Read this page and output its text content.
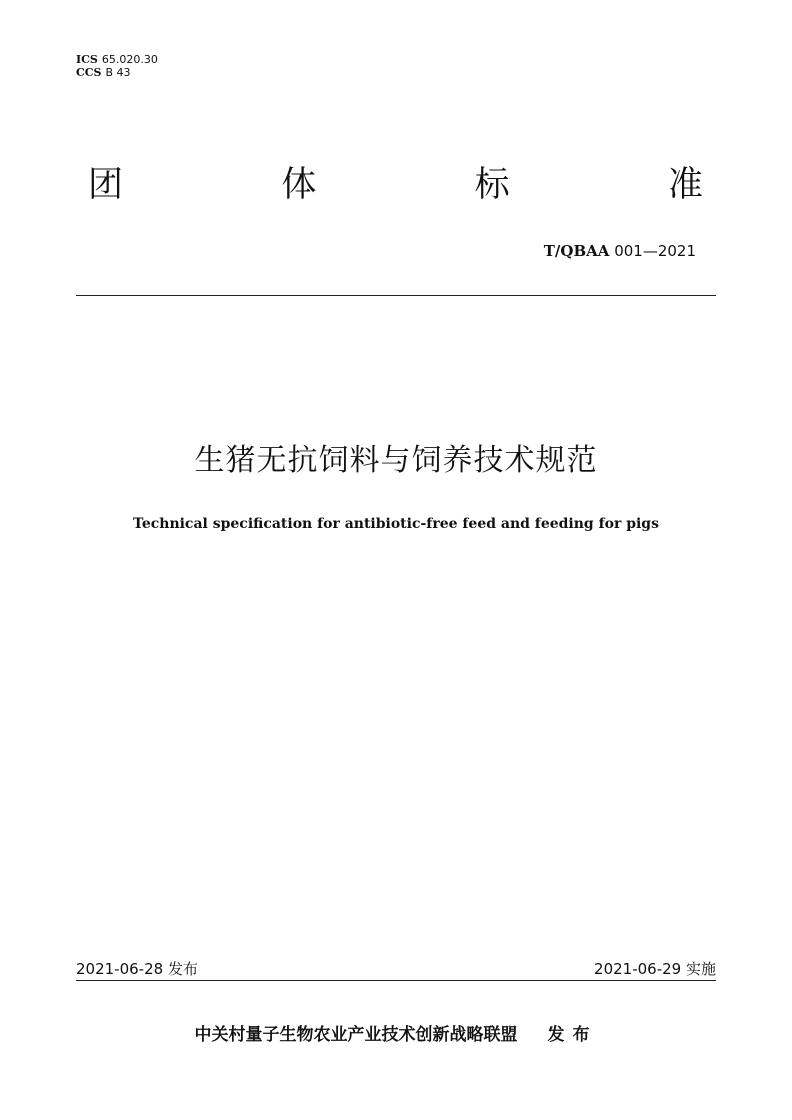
ICS 65.020.30
CCS B 43
团	体	标	准
T/QBAA 001—2021
生猪无抗饲料与饲养技术规范
Technical specification for antibiotic-free feed and feeding for pigs
2021-06-28 发布	2021-06-29 实施
中关村量子生物农业产业技术创新战略联盟 发布
